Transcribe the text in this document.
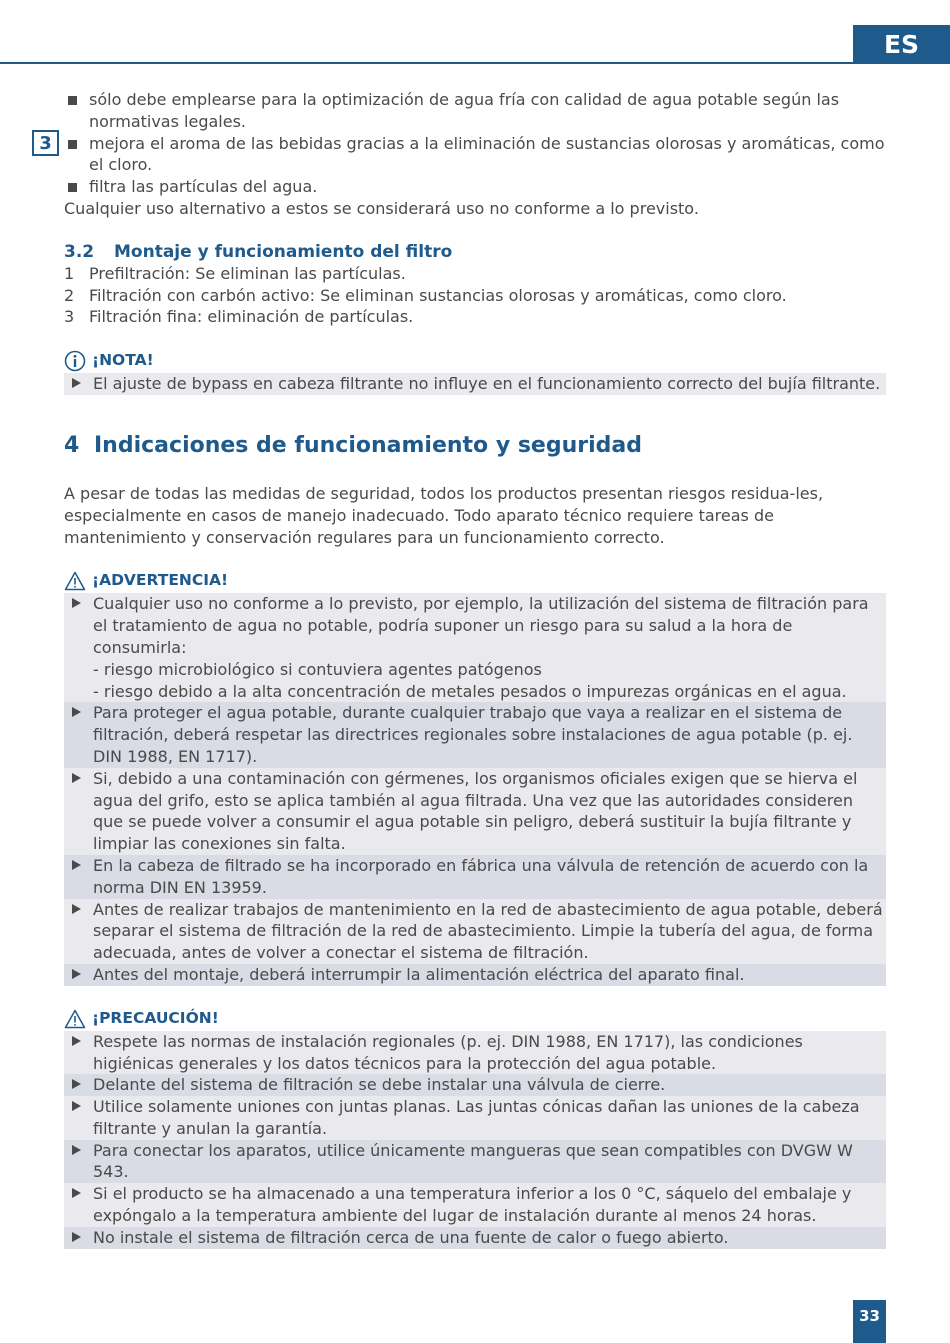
ES
3
sólo debe emplearse para la optimización de agua fría con calidad de agua potable según las normativas legales.
mejora el aroma de las bebidas gracias a la eliminación de sustancias olorosas y aromáticas, como el cloro.
filtra las partículas del agua.

Cualquier uso alternativo a estos se considerará uso no conforme a lo previsto.

3.2 Montaje y funcionamiento del filtro
1 Prefiltración: Se eliminan las partículas.
2 Filtración con carbón activo: Se eliminan sustancias olorosas y aromáticas, como cloro.
3 Filtración fina: eliminación de partículas.
¡NOTA!
El ajuste de bypass en cabeza filtrante no influye en el funcionamiento correcto del bujía filtrante.
4 Indicaciones de funcionamiento y seguridad

A pesar de todas las medidas de seguridad, todos los productos presentan riesgos residua-les, especialmente en casos de manejo inadecuado. Todo aparato técnico requiere tareas de mantenimiento y conservación regulares para un funcionamiento correcto.

¡ADVERTENCIA!
Cualquier uso no conforme a lo previsto, por ejemplo, la utilización del sistema de filtración para el tratamiento de agua no potable, podría suponer un riesgo para su salud a la hora de consumirla:
- riesgo microbiológico si contuviera agentes patógenos
- riesgo debido a la alta concentración de metales pesados o impurezas orgánicas en el agua.
Para proteger el agua potable, durante cualquier trabajo que vaya a realizar en el sistema de filtración, deberá respetar las directrices regionales sobre instalaciones de agua potable (p. ej. DIN 1988, EN 1717).
Si, debido a una contaminación con gérmenes, los organismos oficiales exigen que se hierva el agua del grifo, esto se aplica también al agua filtrada. Una vez que las autoridades consideren que se puede volver a consumir el agua potable sin peligro, deberá sustituir la bujía filtrante y limpiar las conexiones sin falta.
En la cabeza de filtrado se ha incorporado en fábrica una válvula de retención de acuerdo con la norma DIN EN 13959.
Antes de realizar trabajos de mantenimiento en la red de abastecimiento de agua potable, deberá separar el sistema de filtración de la red de abastecimiento. Limpie la tubería del agua, de forma adecuada, antes de volver a conectar el sistema de filtración.
Antes del montaje, deberá interrumpir la alimentación eléctrica del aparato final.
¡PRECAUCIÓN!
Respete las normas de instalación regionales (p. ej. DIN 1988, EN 1717), las condiciones higiénicas generales y los datos técnicos para la protección del agua potable.
Delante del sistema de filtración se debe instalar una válvula de cierre.
Utilice solamente uniones con juntas planas. Las juntas cónicas dañan las uniones de la cabeza filtrante y anulan la garantía.
Para conectar los aparatos, utilice únicamente mangueras que sean compatibles con DVGW W 543.
Si el producto se ha almacenado a una temperatura inferior a los 0 °C, sáquelo del embalaje y expóngalo a la temperatura ambiente del lugar de instalación durante al menos 24 horas.
No instale el sistema de filtración cerca de una fuente de calor o fuego abierto.
33
